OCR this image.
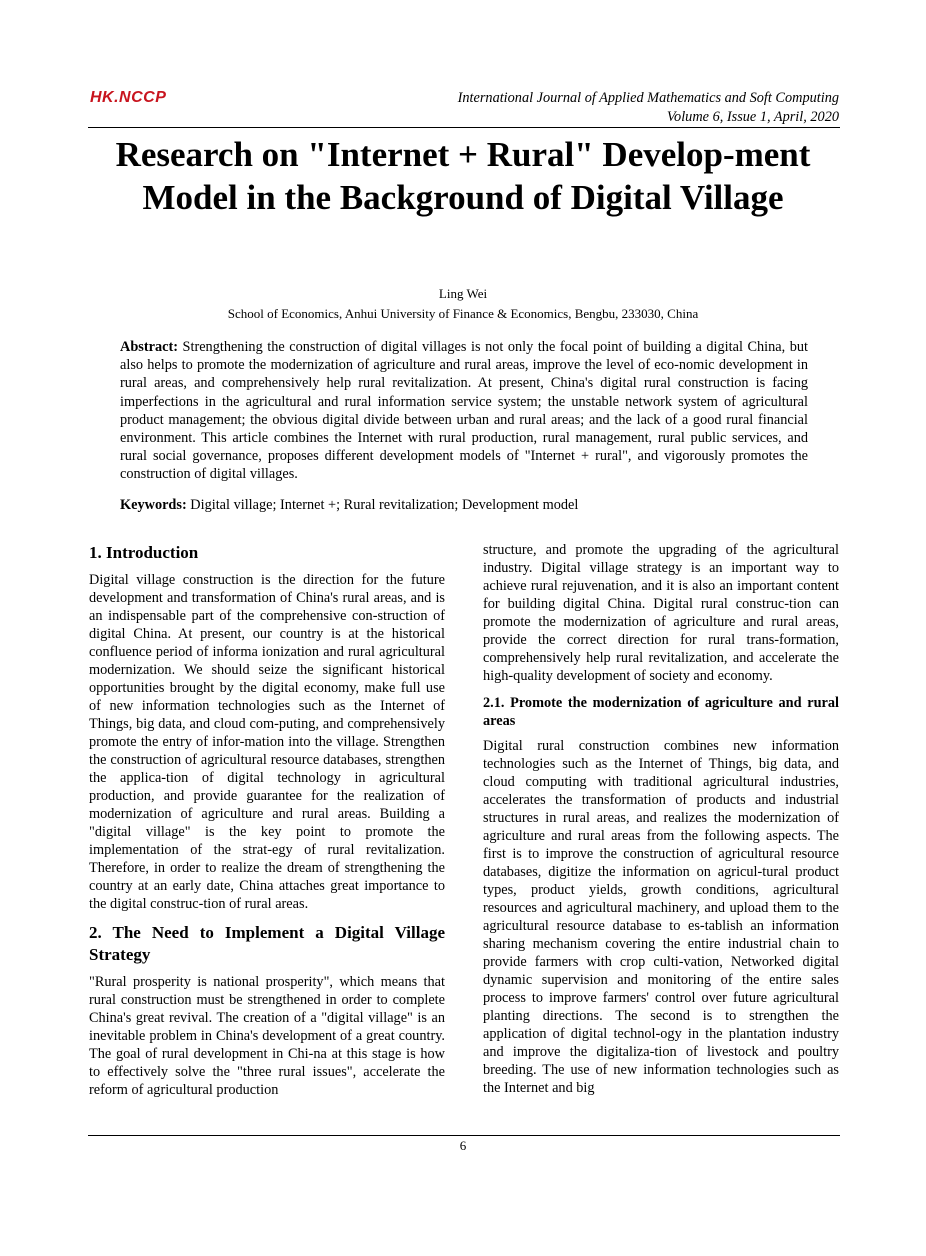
HK.NCCP	International Journal of Applied Mathematics and Soft Computing
Volume 6, Issue 1, April, 2020
Research on "Internet + Rural" Develop-ment Model in the Background of Digital Village
Ling Wei
School of Economics, Anhui University of Finance & Economics, Bengbu, 233030, China
Abstract: Strengthening the construction of digital villages is not only the focal point of building a digital China, but also helps to promote the modernization of agriculture and rural areas, improve the level of eco-nomic development in rural areas, and comprehensively help rural revitalization. At present, China's digital rural construction is facing imperfections in the agricultural and rural information service system; the unstable network system of agricultural product management; the obvious digital divide between urban and rural areas; and the lack of a good rural financial environment. This article combines the Internet with rural production, rural management, rural public services, and rural social governance, proposes different development models of "Internet + rural", and vigorously promotes the construction of digital villages.
Keywords: Digital village; Internet +; Rural revitalization; Development model
1. Introduction

Digital village construction is the direction for the future development and transformation of China's rural areas, and is an indispensable part of the comprehensive con-struction of digital China. At present, our country is at the historical confluence period of informa ionization and rural agricultural modernization. We should seize the significant historical opportunities brought by the digital economy, make full use of new information technologies such as the Internet of Things, big data, and cloud com-puting, and comprehensively promote the entry of infor-mation into the village. Strengthen the construction of agricultural resource databases, strengthen the applica-tion of digital technology in agricultural production, and provide guarantee for the realization of modernization of agriculture and rural areas. Building a "digital village" is the key point to promote the implementation of the strat-egy of rural revitalization. Therefore, in order to realize the dream of strengthening the country at an early date, China attaches great importance to the digital construc-tion of rural areas.

2. The Need to Implement a Digital Village Strategy

"Rural prosperity is national prosperity", which means that rural construction must be strengthened in order to complete China's great revival. The creation of a "digital village" is an inevitable problem in China's development of a great country. The goal of rural development in Chi-na at this stage is how to effectively solve the "three rural issues", accelerate the reform of agricultural production

structure, and promote the upgrading of the agricultural industry. Digital village strategy is an important way to achieve rural rejuvenation, and it is also an important content for building digital China. Digital rural construc-tion can promote the modernization of agriculture and rural areas, provide the correct direction for rural trans-formation, comprehensively help rural revitalization, and accelerate the high-quality development of society and economy.

2.1. Promote the modernization of agriculture and rural areas

Digital rural construction combines new information technologies such as the Internet of Things, big data, and cloud computing with traditional agricultural industries, accelerates the transformation of products and industrial structures in rural areas, and realizes the modernization of agriculture and rural areas from the following aspects. The first is to improve the construction of agricultural resource databases, digitize the information on agricul-tural product types, product yields, growth conditions, agricultural resources and agricultural machinery, and upload them to the agricultural resource database to es-tablish an information sharing mechanism covering the entire industrial chain to provide farmers with crop culti-vation, Networked digital dynamic supervision and monitoring of the entire sales process to improve farmers' control over future agricultural planting directions. The second is to strengthen the application of digital technol-ogy in the plantation industry and improve the digitaliza-tion of livestock and poultry breeding. The use of new information technologies such as the Internet and big

6
